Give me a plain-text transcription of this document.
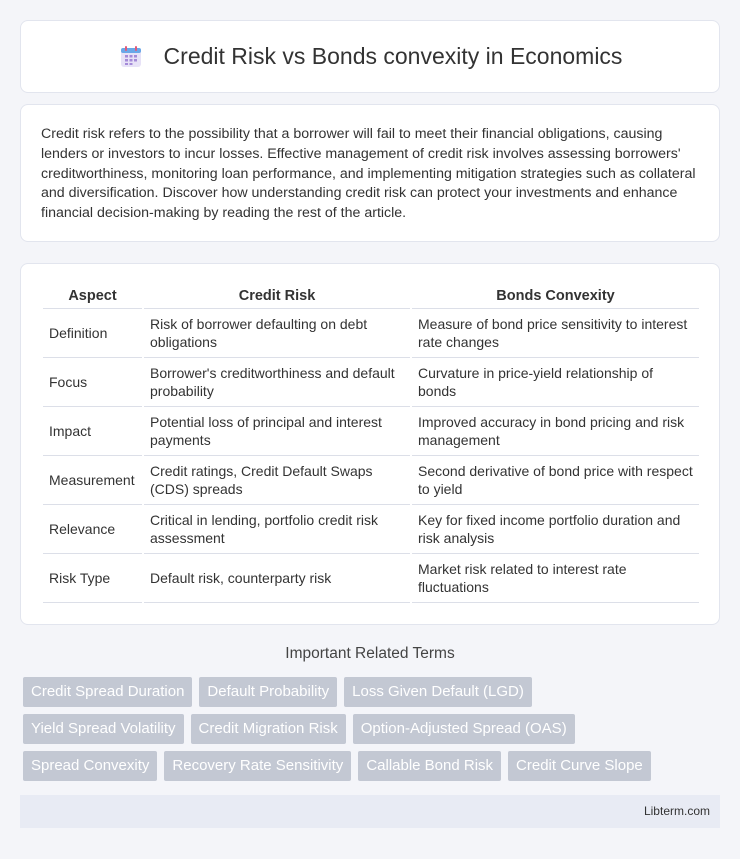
Credit Risk vs Bonds convexity in Economics

Credit risk refers to the possibility that a borrower will fail to meet their financial obligations, causing lenders or investors to incur losses. Effective management of credit risk involves assessing borrowers' creditworthiness, monitoring loan performance, and implementing mitigation strategies such as collateral and diversification. Discover how understanding credit risk can protect your investments and enhance financial decision-making by reading the rest of the article.

Aspect	Credit Risk	Bonds Convexity
Definition	Risk of borrower defaulting on debt obligations	Measure of bond price sensitivity to interest rate changes
Focus	Borrower's creditworthiness and default probability	Curvature in price-yield relationship of bonds
Impact	Potential loss of principal and interest payments	Improved accuracy in bond pricing and risk management
Measurement	Credit ratings, Credit Default Swaps (CDS) spreads	Second derivative of bond price with respect to yield
Relevance	Critical in lending, portfolio credit risk assessment	Key for fixed income portfolio duration and risk analysis
Risk Type	Default risk, counterparty risk	Market risk related to interest rate fluctuations
Important Related Terms
Credit Spread Duration	Default Probability	Loss Given Default (LGD)
Yield Spread Volatility	Credit Migration Risk	Option-Adjusted Spread (OAS)
Spread Convexity	Recovery Rate Sensitivity	Callable Bond Risk	Credit Curve Slope
Libterm.com
